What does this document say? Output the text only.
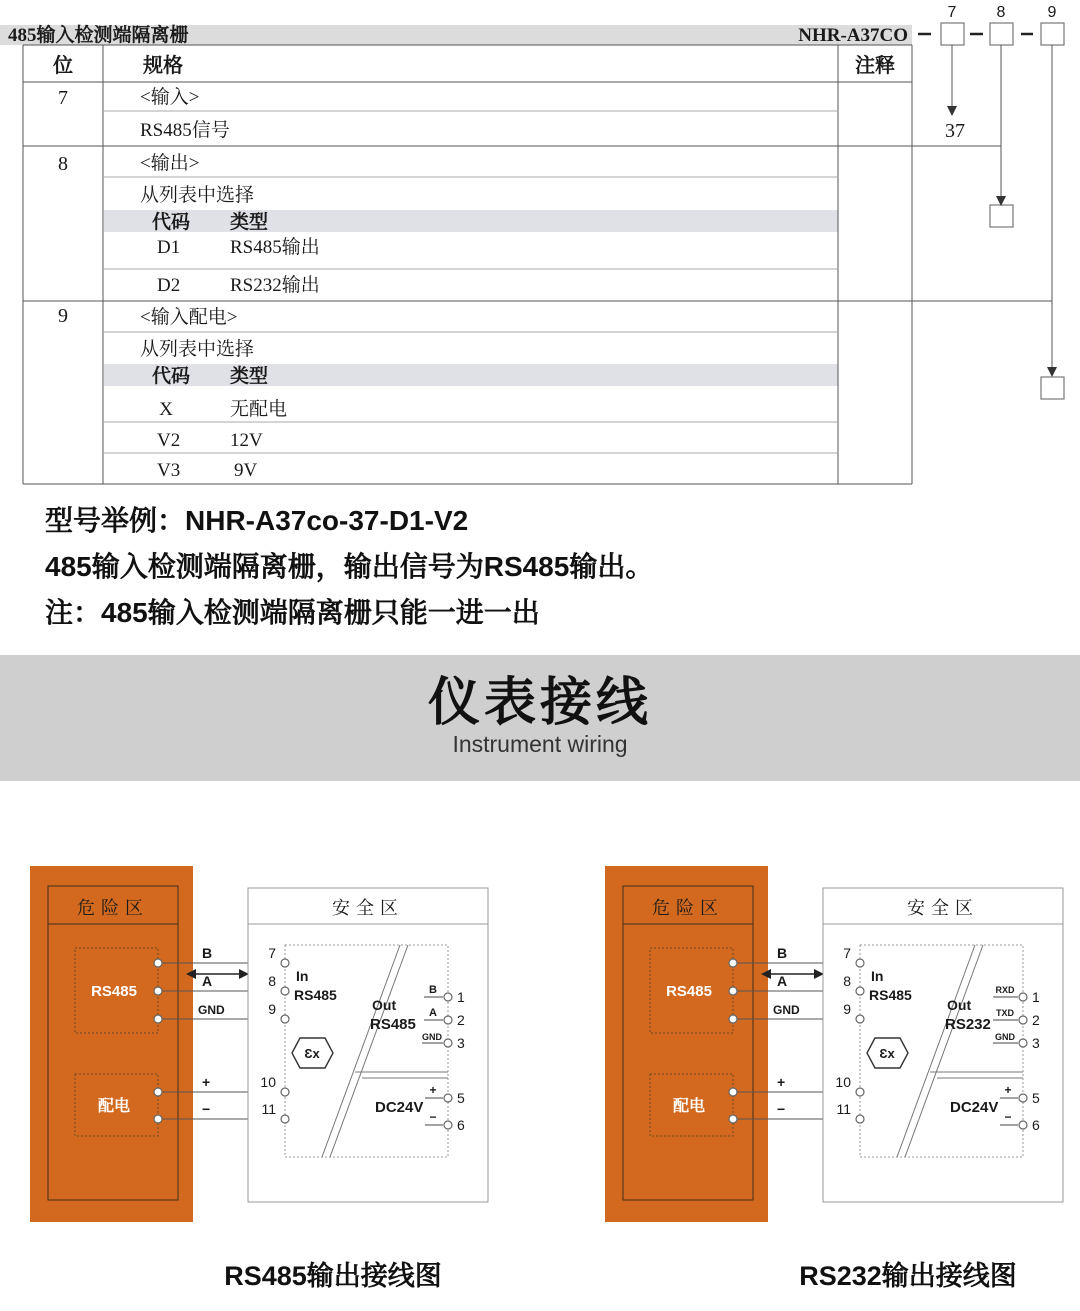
485输入检测端隔离栅	NHR-A37CO
位	规格	注释
7	<输入>
RS485信号
8	<输出>
从列表中选择
代码 类型
D1	RS485输出
D2	RS232输出
9	<输入配电>
从列表中选择
代码 类型
X	无配电
V2	12V
V3	9V
7	8	9
37
型号举例：NHR-A37co-37-D1-V2
485输入检测端隔离栅，输出信号为RS485输出。
注：485输入检测端隔离栅只能一进一出
仪表接线
Instrument wiring
危险区
RS485
配电
B
A
GND
+
−
安全区
7
8
9
10
11
In
RS485
Ɛx
Out
RS485
B
A
GND
+
−
1
2
3
5
6
DC24V
危险区
RS485
配电
B
A
GND
+
−
安全区
7
8
9
10
11
In
RS485
Ɛx
Out
RS232
RXD
TXD
GND
+
−
1
2
3
5
6
DC24V
RS485输出接线图	RS232输出接线图
